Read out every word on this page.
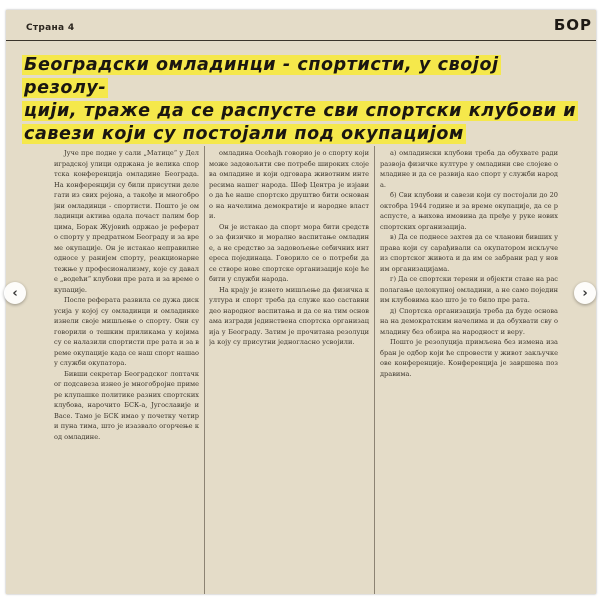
Страна 4	БОР
Београдски омладинци - спортисти, у својој резолу-
цији, траже да се распусте сви спортски клубови и
савези који су постојали под окупацијом

Јуче пре подне у сали „Матице“ у Делиградској улици одржана је велика спортска конференција омладине Београда. На конференцији су били присутни делегати из свих рејона, а такође и многобројни омладинци - спортисти. Пошто је омладинци актива одала почаст палим борцима, Борак Жујовић одржао је реферат о спорту у предратном Београду и за време окупације. Он је истакао неправилне односе у ранијем спорту, реакционарне тежње у професионализму, које су давале „водећи“ клубови пре рата и за време окупације.

После реферата развила се дужа дискусија у којој су омладинци и омладинке изнели своје мишљење о спорту. Они су говорили о тешким приликама у којима су се налазили спортисти пре рата и за време окупације када се наш спорт нашао у служби окупатора.

Бивши секретар Београдског лоптачког подсавеза изнео је многобројне примере клупашке политике разних спортских клубова, нарочито БСК-а, Југославије и Васе. Тамо је БСК имао у почетку четири пуна тима, што је изазвало огорчење код омладине.

омладина Осећајћ говорио је о спорту који може задовољити све потребе широких слојева омладине и који одговара животним интересима нашег народа. Шеф Центра је изјавио да ће наше спортско друштво бити основано на начелима демократије и народне власти.

Он је истакао да спорт мора бити средство за физичко и морално васпитање омладине, а не средство за задовољење себичних интереса појединаца. Говорило се о потреби да се створе нове спортске организације које ће бити у служби народа.

На крају је изнето мишљење да физичка култура и спорт треба да служе као саставни део народног васпитања и да се на тим основама изгради јединствена спортска организација у Београду. Затим је прочитана резолуција коју су присутни једногласно усвојили.

а) омладински клубови треба да обухвате ради развоја физичке културе у омладини све слојеве омладине и да се развија као спорт у служби народа.

б) Сви клубови и савези који су постојали до 20 октобра 1944 године и за време окупације, да се распусте, а њихова имовина да пређе у руке нових спортских организација.

в) Да се поднесе захтев да се чланови бивших управа који су сарађивали са окупатором искључе из спортског живота и да им се забрани рад у новим организацијама.

г) Да се спортски терени и објекти ставе на располагање целокупној омладини, а не само појединим клубовима као што је то било пре рата.

д) Спортска организација треба да буде основана на демократским начелима и да обухвати сву омладину без обзира на народност и веру.

Пошто је резолуција примљена без измена изабран је одбор који ће спровести у живот закључке ове конференције. Конференција је завршена поздравима.

‹	›
